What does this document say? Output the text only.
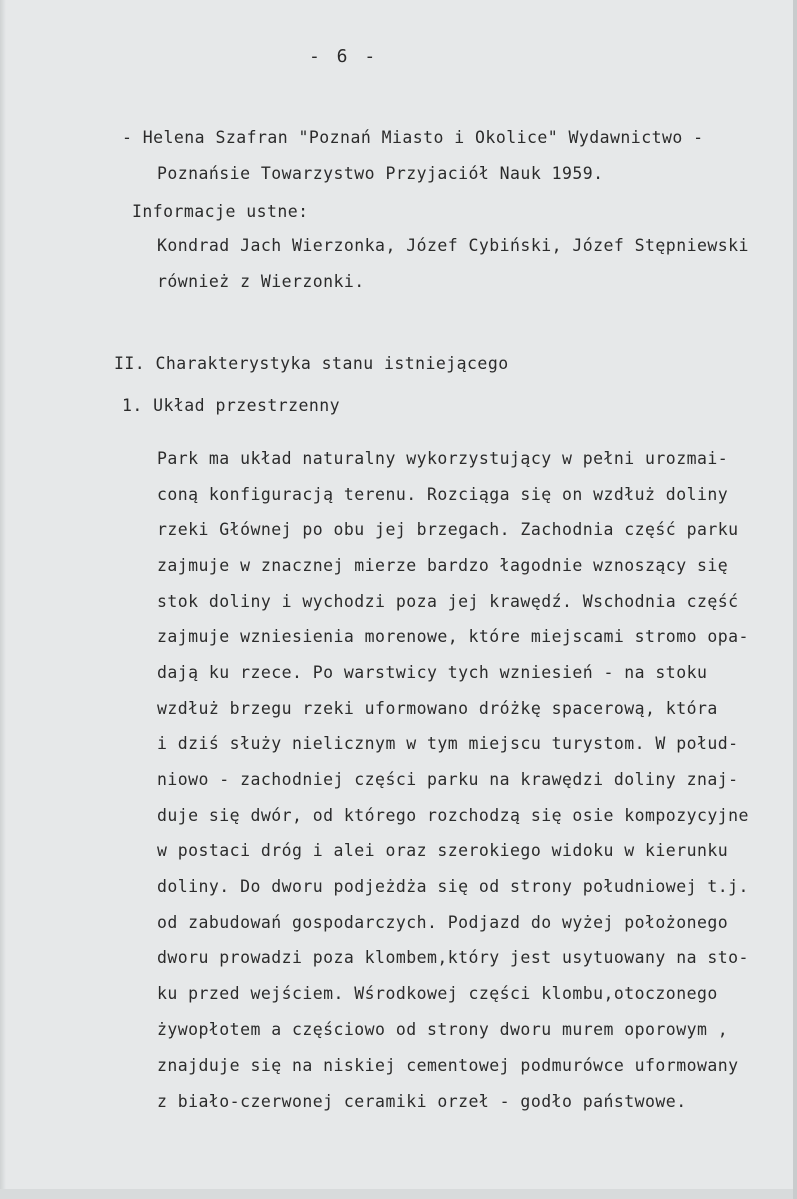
- 6 -
- Helena Szafran "Poznań Miasto i Okolice" Wydawnictwo -
Poznańsie Towarzystwo Przyjaciół Nauk 1959.
Informacje ustne:
Kondrad Jach Wierzonka, Józef Cybiński, Józef Stępniewski
również z Wierzonki.
II. Charakterystyka stanu istniejącego
1. Układ przestrzenny
Park ma układ naturalny wykorzystujący w pełni urozmai-
coną konfiguracją terenu. Rozciąga się on wzdłuż doliny
rzeki Głównej po obu jej brzegach. Zachodnia część parku
zajmuje w znacznej mierze bardzo łagodnie wznoszący się
stok doliny i wychodzi poza jej krawędź. Wschodnia część
zajmuje wzniesienia morenowe, które miejscami stromo opa-
dają ku rzece. Po warstwicy tych wzniesień - na stoku
wzdłuż brzegu rzeki uformowano dróżkę spacerową, która
i dziś służy nielicznym w tym miejscu turystom. W połud-
niowo - zachodniej części parku na krawędzi doliny znaj-
duje się dwór, od którego rozchodzą się osie kompozycyjne
w postaci dróg i alei oraz szerokiego widoku w kierunku
doliny. Do dworu podjeżdża się od strony południowej t.j.
od zabudowań gospodarczych. Podjazd do wyżej położonego
dworu prowadzi poza klombem,który jest usytuowany na sto-
ku przed wejściem. Wśrodkowej części klombu,otoczonego
żywopłotem a częściowo od strony dworu murem oporowym ,
znajduje się na niskiej cementowej podmurówce uformowany
z biało-czerwonej ceramiki orzeł - godło państwowe.
